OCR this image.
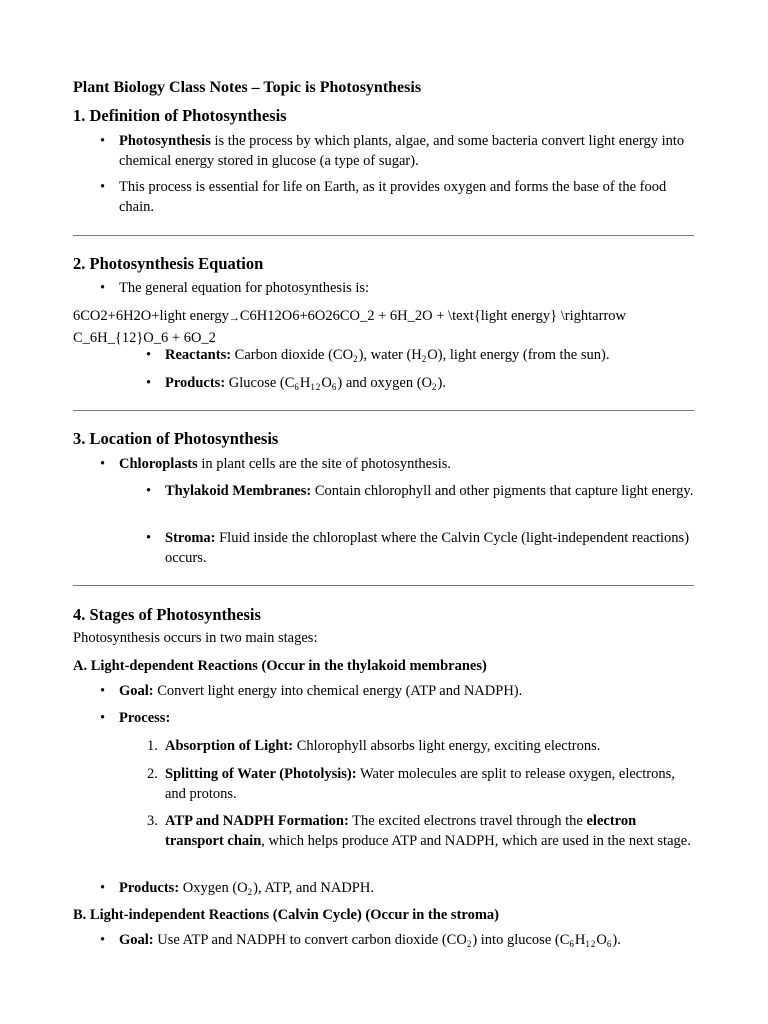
Plant Biology Class Notes – Topic is Photosynthesis
1. Definition of Photosynthesis
• Photosynthesis is the process by which plants, algae, and some bacteria convert light energy into chemical energy stored in glucose (a type of sugar).
• This process is essential for life on Earth, as it provides oxygen and forms the base of the food chain.
2. Photosynthesis Equation
• The general equation for photosynthesis is:
6CO2+6H2O+light energy→C6H12O6+6O26CO_2 + 6H_2O + \text{light energy} \rightarrow C_6H_{12}O_6 + 6O_2
• Reactants: Carbon dioxide $(CO_2)$, water $(H_2O)$, light energy (from the sun).
• Products: Glucose $(C_6H_{12}O_6)$ and oxygen $(O_2)$.
3. Location of Photosynthesis
• Chloroplasts in plant cells are the site of photosynthesis.
• Thylakoid Membranes: Contain chlorophyll and other pigments that capture light energy.
• Stroma: Fluid inside the chloroplast where the Calvin Cycle (light-independent reactions) occurs.
4. Stages of Photosynthesis
Photosynthesis occurs in two main stages:
A. Light-dependent Reactions (Occur in the thylakoid membranes)
• Goal: Convert light energy into chemical energy (ATP and NADPH).
• Process:
1. Absorption of Light: Chlorophyll absorbs light energy, exciting electrons.
2. Splitting of Water (Photolysis): Water molecules are split to release oxygen, electrons, and protons.
3. ATP and NADPH Formation: The excited electrons travel through the electron transport chain, which helps produce ATP and NADPH, which are used in the next stage.
• Products: Oxygen $(O_2)$, ATP, and NADPH.
B. Light-independent Reactions (Calvin Cycle) (Occur in the stroma)
• Goal: Use ATP and NADPH to convert carbon dioxide $(CO_2)$ into glucose $(C_6H_{12}O_6)$.
